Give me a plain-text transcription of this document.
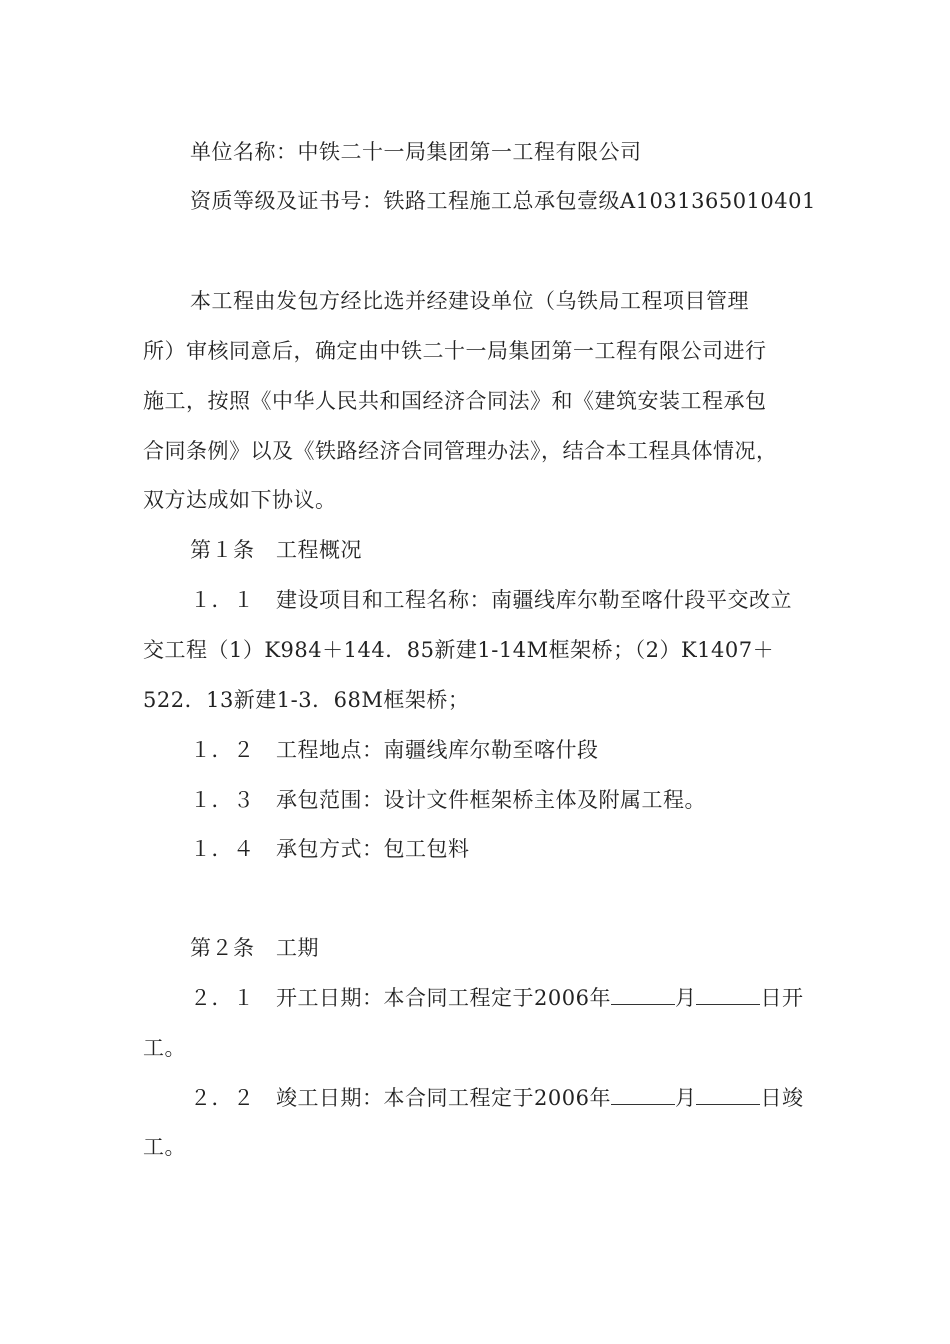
单位名称：中铁二十一局集团第一工程有限公司
资质等级及证书号：铁路工程施工总承包壹级A1031365010401
本工程由发包方经比选并经建设单位（乌铁局工程项目管理
所）审核同意后，确定由中铁二十一局集团第一工程有限公司进行
施工，按照《中华人民共和国经济合同法》和《建筑安装工程承包
合同条例》以及《铁路经济合同管理办法》，结合本工程具体情况，
双方达成如下协议。
第１条　工程概况
１．１　建设项目和工程名称：南疆线库尔勒至喀什段平交改立
交工程（1）K984＋144．85新建1-14M框架桥；（2）K1407＋
522．13新建1-3．68M框架桥；
１．２　工程地点：南疆线库尔勒至喀什段
１．３　承包范围：设计文件框架桥主体及附属工程。
１．４　承包方式：包工包料
第２条　工期
２．１　开工日期：本合同工程定于2006年	月	日开
工。
２．２　竣工日期：本合同工程定于2006年	月	日竣
工。
